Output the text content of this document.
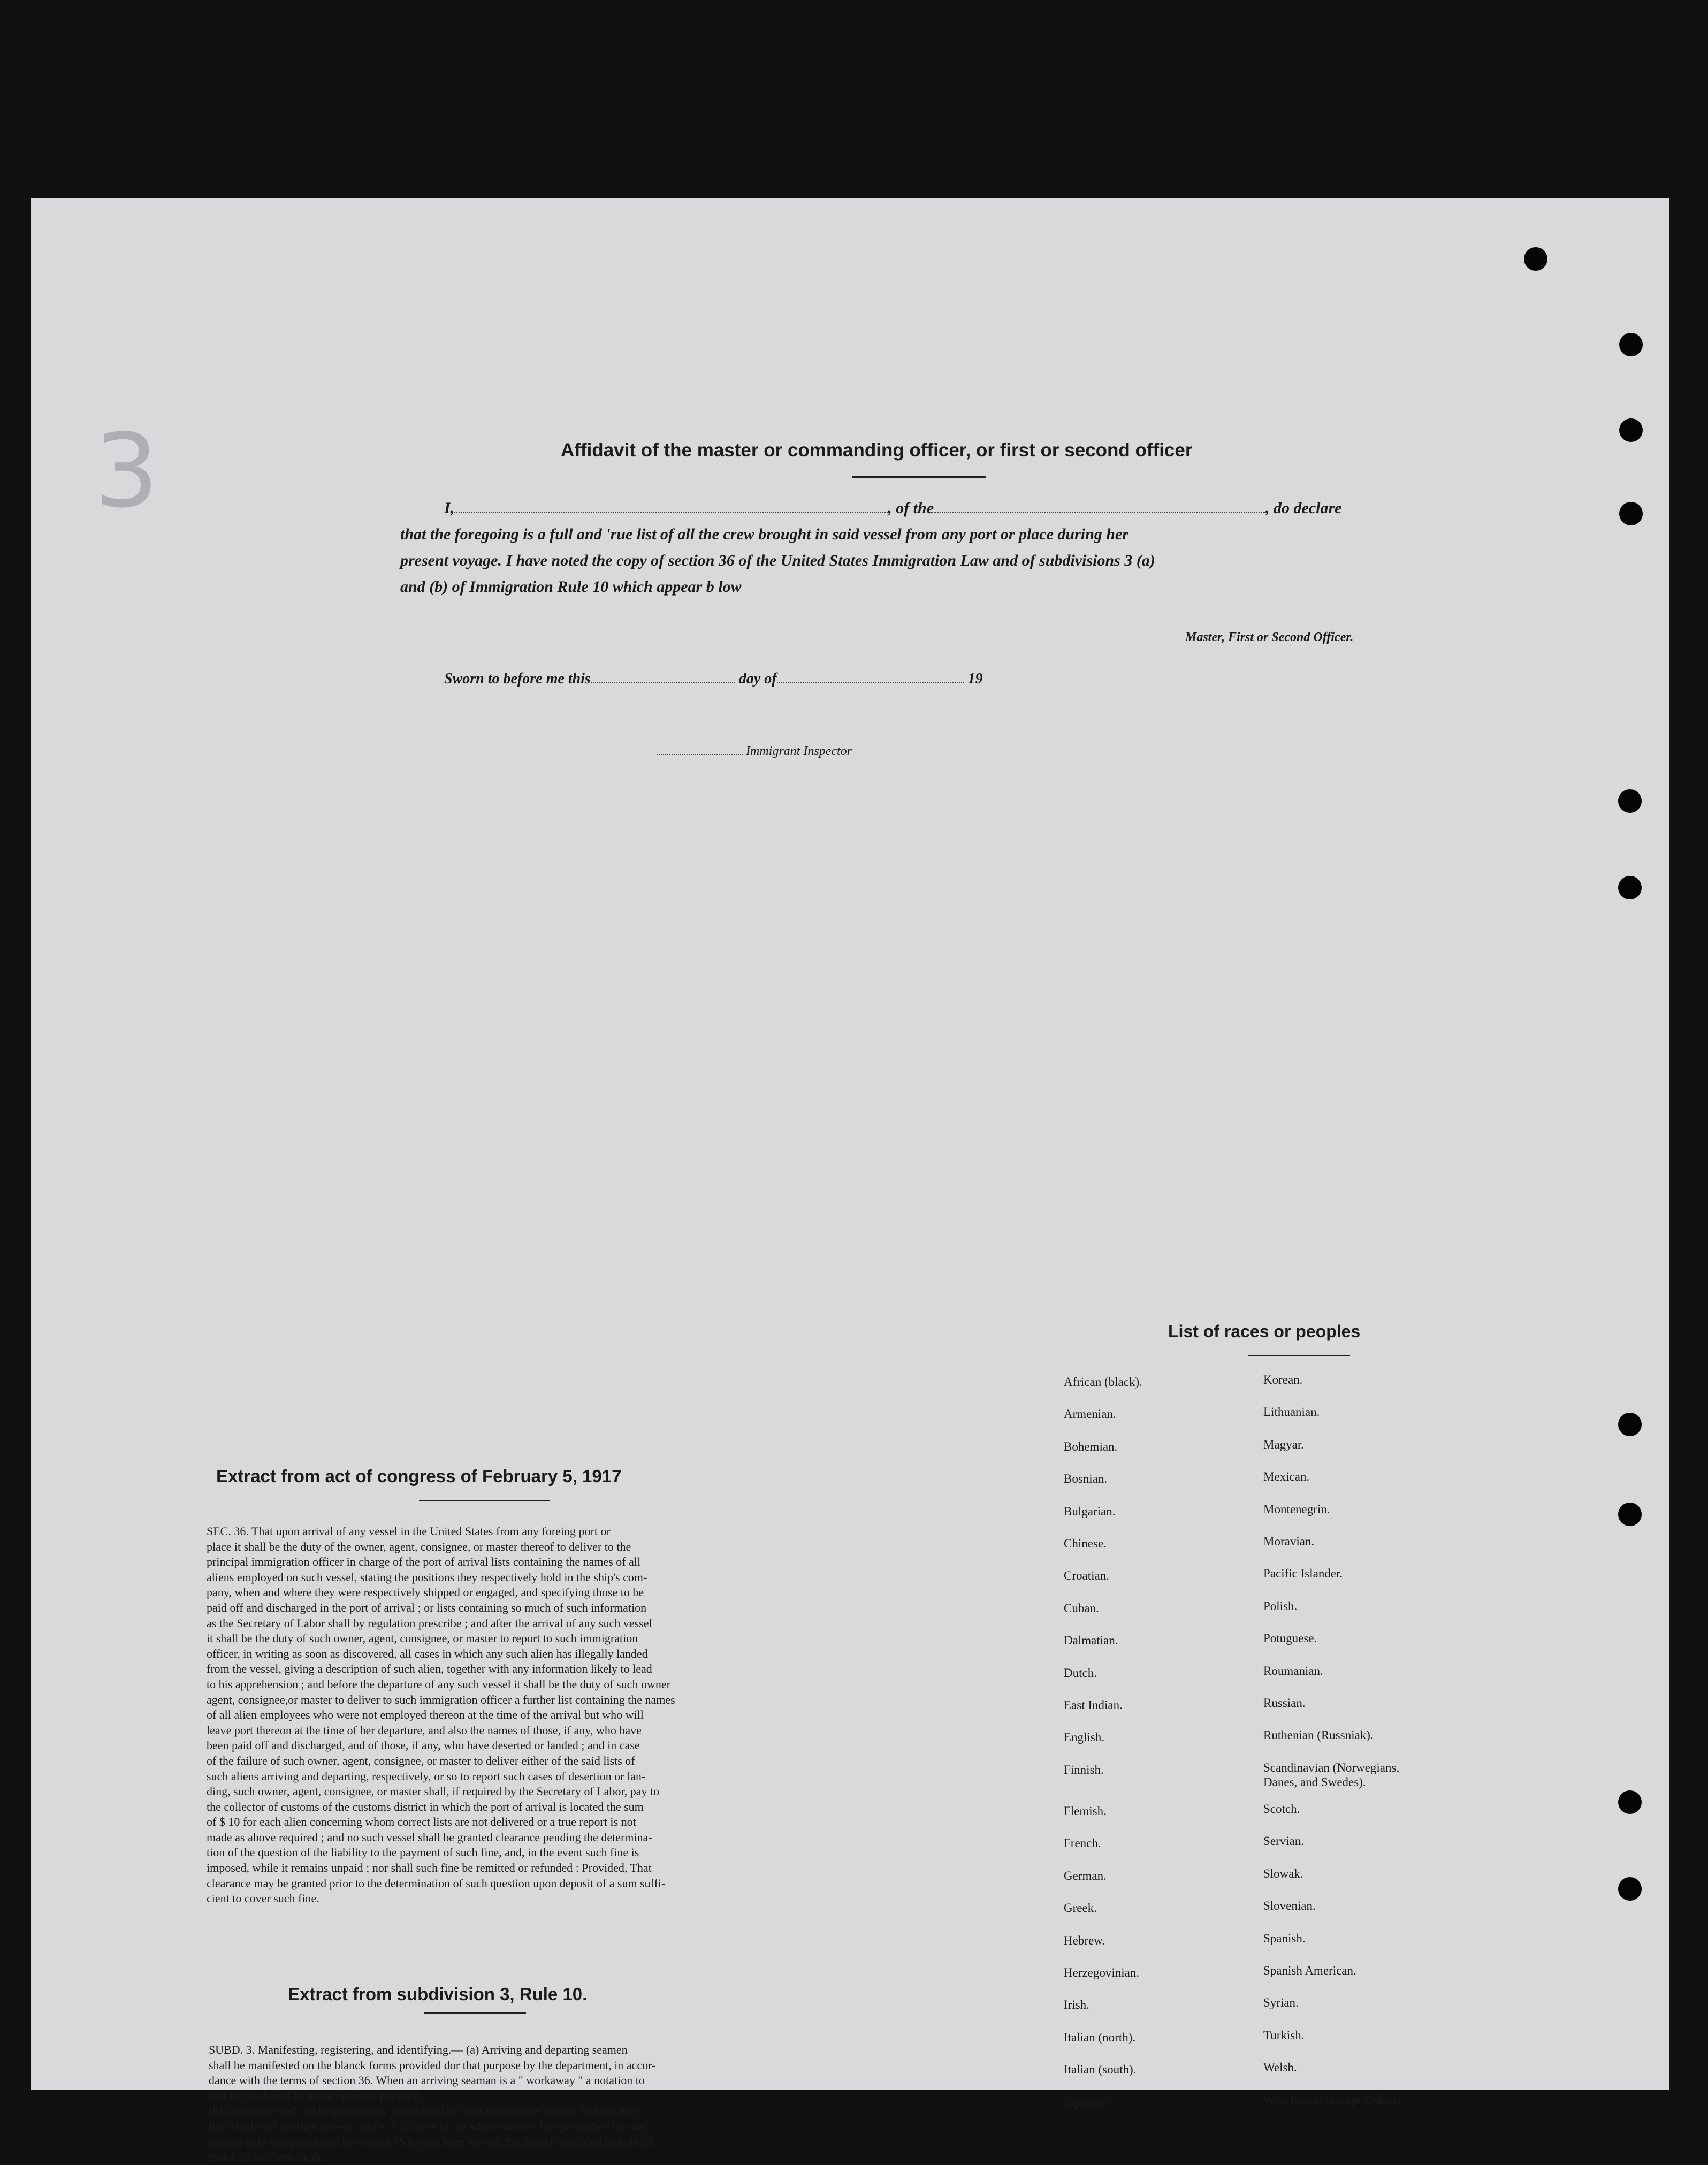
3	Affidavit of the master or commanding officer, or first or second officer
I,	, of the	, do declare
that the foregoing is a full and 'rue list of all the crew brought in said vessel from any port or place during her
present voyage. I have noted the copy of section 36 of the United States Immigration Law and of subdivisions 3 (a)
and (b) of Immigration Rule 10 which appear b low
Master, First or Second Officer.
Sworn to before me this	day of	19
Immigrant Inspector
Extract from act of congress of February 5, 1917
SEC. 36. That upon arrival of any vessel in the United States from any foreing port or
place it shall be the duty of the owner, agent, consignee, or master thereof to deliver to the
principal immigration officer in charge of the port of arrival lists containing the names of all
aliens employed on such vessel, stating the positions they respectively hold in the ship's com-
pany, when and where they were respectively shipped or engaged, and specifying those to be
paid off and discharged in the port of arrival ; or lists containing so much of such information
as the Secretary of Labor shall by regulation prescribe ; and after the arrival of any such vessel
it shall be the duty of such owner, agent, consignee, or master to report to such immigration
officer, in writing as soon as discovered, all cases in which any such alien has illegally landed
from the vessel, giving a description of such alien, together with any information likely to lead
to his apprehension ; and before the departure of any such vessel it shall be the duty of such owner
agent, consignee,or master to deliver to such immigration officer a further list containing the names
of all alien employees who were not employed thereon at the time of the arrival but who will
leave port thereon at the time of her departure, and also the names of those, if any, who have
been paid off and discharged, and of those, if any, who have deserted or landed ; and in case
of the failure of such owner, agent, consignee, or master to deliver either of the said lists of
such aliens arriving and departing, respectively, or so to report such cases of desertion or lan-
ding, such owner, agent, consignee, or master shall, if required by the Secretary of Labor, pay to
the collector of customs of the customs district in which the port of arrival is located the sum
of $ 10 for each alien concerning whom correct lists are not delivered or a true report is not
made as above required ; and no such vessel shall be granted clearance pending the determina-
tion of the question of the liability to the payment of such fine, and, in the event such fine is
imposed, while it remains unpaid ; nor shall such fine be remitted or refunded : Provided, That
clearance may be granted prior to the determination of such question upon deposit of a sum suffi-
cient to cover such fine.
Extract from subdivision 3, Rule 10.
SUBD. 3. Manifesting, registering, and identifying.— (a) Arriving and departing seamen
shall be manifested on the blanck forms provided dor that purpose by the department, in accor-
dance with the terms of section 36. When an arriving seaman is a " workaway " a notation to
that effect should be made upon the manifest.
(b) Clearance shall not be granted any vessel until the lists required by section 36 have been
furnished, and not then unless, notice of liability to the administrative fine prescribed by said
section or to that prescribed by section 35 having been served, the deposit specified in Rule 28
(subd. 2) has been made.
List of races or peoples
African (black).
Armenian.
Bohemian.
Bosnian.
Bulgarian.
Chinese.
Croatian.
Cuban.
Dalmatian.
Dutch.
East Indian.
English.
Finnish.
Flemish.
French.
German.
Greek.
Hebrew.
Herzegovinian.
Irish.
Italian (north).
Italian (south).
Japanese.
Korean.
Lithuanian.
Magyar.
Mexican.
Montenegrin.
Moravian.
Pacific Islander.
Polish.
Potuguese.
Roumanian.
Russian.
Ruthenian (Russniak).
Scandinavian (Norwegians,
Danes, and Swedes).
Scotch.
Servian.
Slowak.
Slovenian.
Spanish.
Spanish American.
Syrian.
Turkish.
Welsh.
West Indian (except Cuban).
